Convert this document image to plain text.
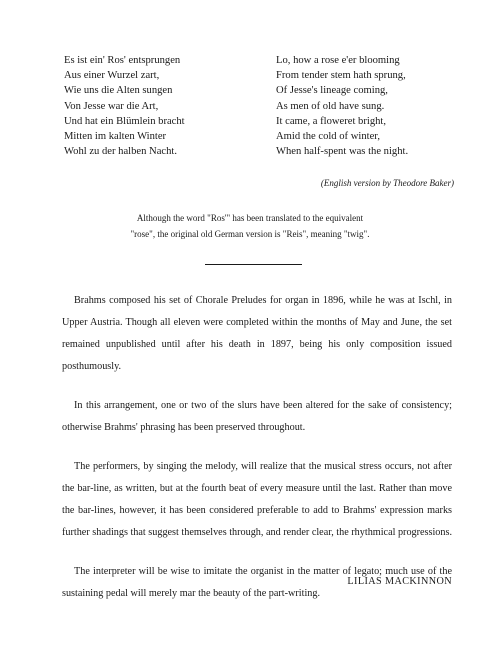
Es ist ein' Ros' entsprungen
Aus einer Wurzel zart,
Wie uns die Alten sungen
Von Jesse war die Art,
Und hat ein Blümlein bracht
Mitten im kalten Winter
Wohl zu der halben Nacht.
Lo, how a rose e'er blooming
From tender stem hath sprung,
Of Jesse's lineage coming,
As men of old have sung.
It came, a floweret bright,
Amid the cold of winter,
When half-spent was the night.
(English version by Theodore Baker)
Although the word "Ros'" has been translated to the equivalent
"rose", the original old German version is "Reis", meaning "twig".

Brahms composed his set of Chorale Preludes for organ in 1896, while he was at Ischl, in Upper Austria. Though all eleven were completed within the months of May and June, the set remained unpublished until after his death in 1897, being his only composition issued posthumously.

In this arrangement, one or two of the slurs have been altered for the sake of consistency; otherwise Brahms' phrasing has been preserved throughout.

The performers, by singing the melody, will realize that the musical stress occurs, not after the bar-line, as written, but at the fourth beat of every measure until the last. Rather than move the bar-lines, however, it has been considered preferable to add to Brahms' expression marks further shadings that suggest themselves through, and render clear, the rhythmical progressions.

The interpreter will be wise to imitate the organist in the matter of legato; much use of the sustaining pedal will merely mar the beauty of the part-writing.

LILIAS MACKINNON
